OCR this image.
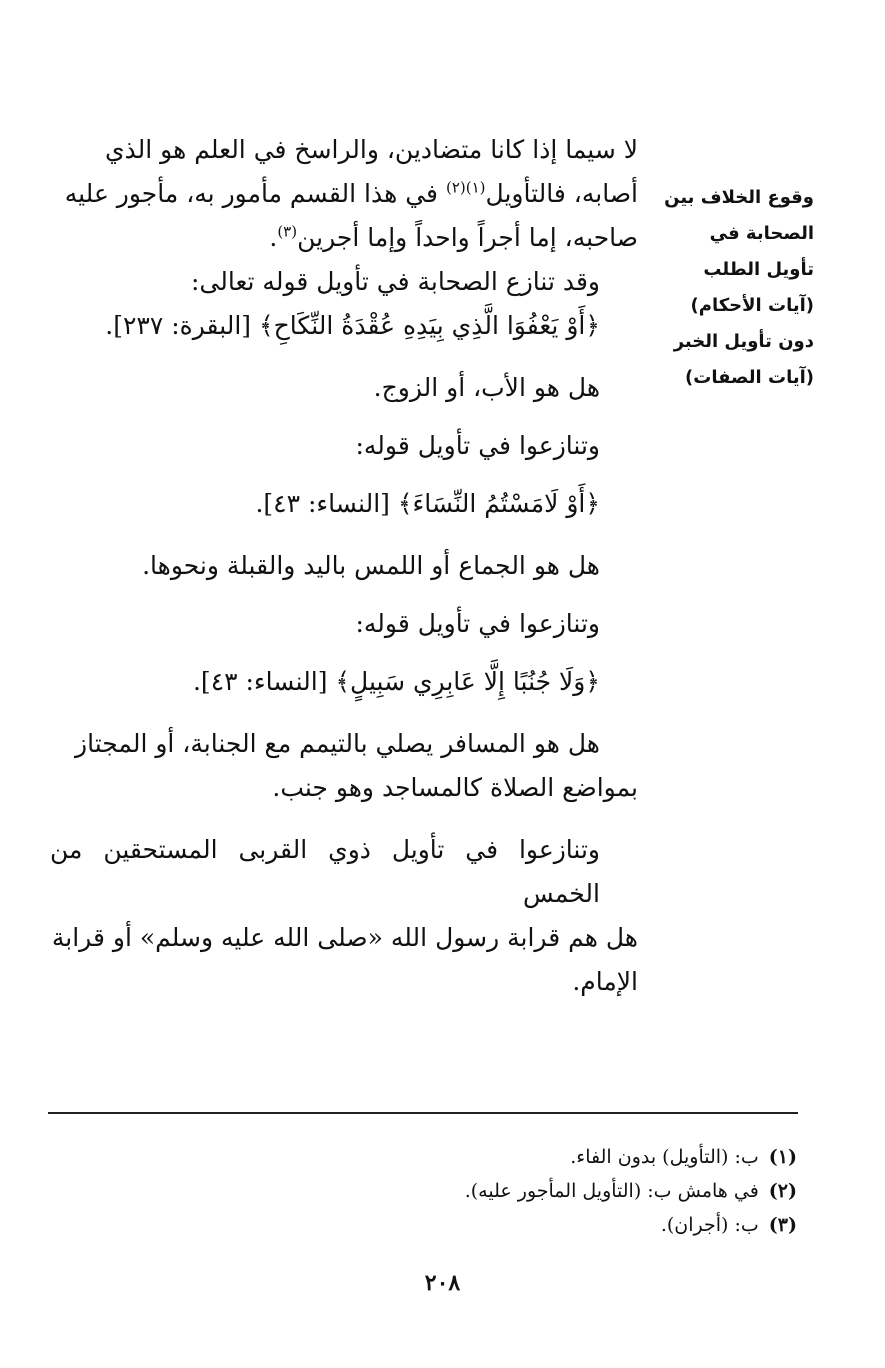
وقوع الخلاف بين الصحابة في تأويل الطلب (آيات الأحكام) دون تأويل الخبر (آيات الصفات)

لا سيما إذا كانا متضادين، والراسخ في العلم هو الذي
أصابه، فالتأويل$^{(١)(٢)}$ في هذا القسم مأمور به، مأجور عليه
صاحبه، إما أجراً واحداً وإما أجرين$^{(٣)}$.

وقد تنازع الصحابة في تأويل قوله تعالى:

﴿أَوْ يَعْفُوَا الَّذِي بِيَدِهِ عُقْدَةُ النِّكَاحِ﴾ [البقرة: ٢٣٧].

هل هو الأب، أو الزوج.

وتنازعوا في تأويل قوله:

﴿أَوْ لَامَسْتُمُ النِّسَاءَ﴾ [النساء: ٤٣].

هل هو الجماع أو اللمس باليد والقبلة ونحوها.

وتنازعوا في تأويل قوله:

﴿وَلَا جُنُبًا إِلَّا عَابِرِي سَبِيلٍ﴾ [النساء: ٤٣].

هل هو المسافر يصلي بالتيمم مع الجنابة، أو المجتاز
بمواضع الصلاة كالمساجد وهو جنب.

وتنازعوا في تأويل ذوي القربى المستحقين من الخمس
هل هم قرابة رسول الله «صلى الله عليه وسلم» أو قرابة
الإمام.

(١)ب: (التأويل) بدون الفاء.
(٢)في هامش ب: (التأويل المأجور عليه).
(٣)ب: (أجران).
٢٠٨
